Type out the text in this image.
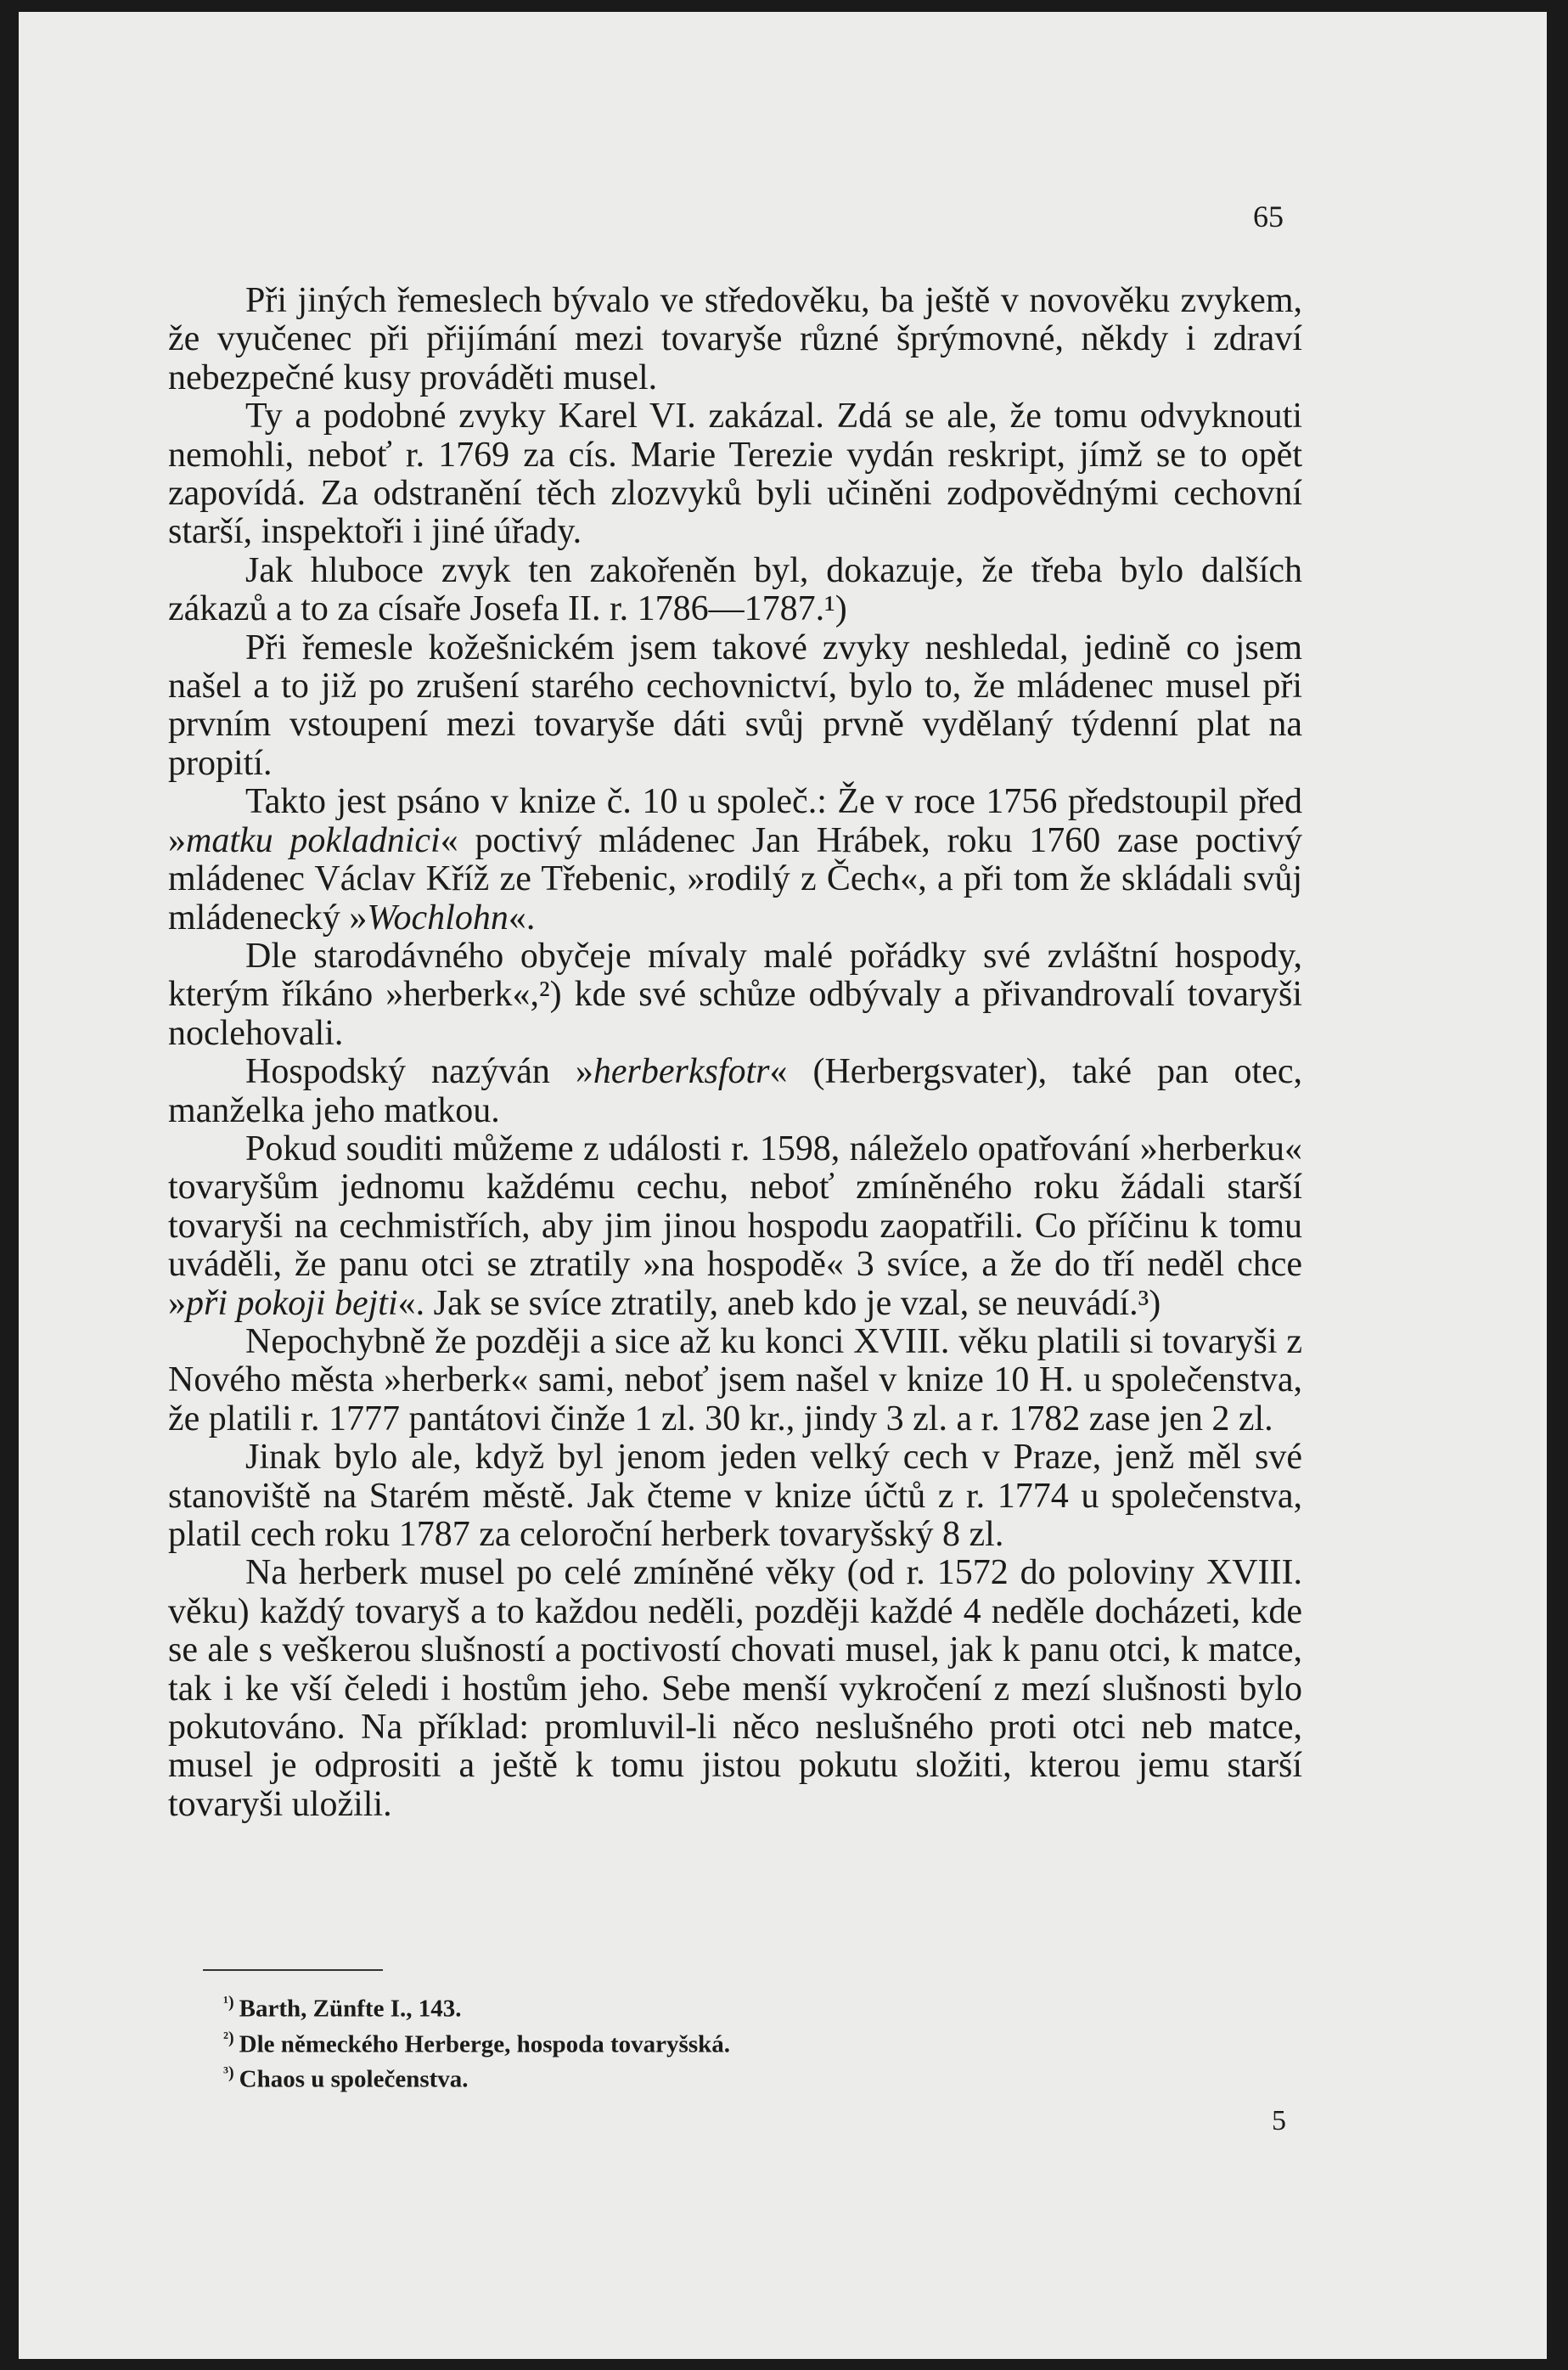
65

Při jiných řemeslech bývalo ve středověku, ba ještě v novověku zvykem, že vyučenec při přijímání mezi tovaryše různé šprýmovné, někdy i zdraví nebezpečné kusy prováděti musel.

Ty a podobné zvyky Karel VI. zakázal. Zdá se ale, že tomu odvyknouti nemohli, neboť r. 1769 za cís. Marie Terezie vydán reskript, jímž se to opět zapovídá. Za odstranění těch zlozvyků byli učiněni zodpovědnými cechovní starší, inspektoři i jiné úřady.

Jak hluboce zvyk ten zakořeněn byl, dokazuje, že třeba bylo dalších zákazů a to za císaře Josefa II. r. 1786—1787.¹)

Při řemesle kožešnickém jsem takové zvyky neshledal, jedině co jsem našel a to již po zrušení starého cechovnictví, bylo to, že mládenec musel při prvním vstoupení mezi tovaryše dáti svůj prvně vydělaný týdenní plat na propití.

Takto jest psáno v knize č. 10 u společ.: Že v roce 1756 předstoupil před »matku pokladnici« poctivý mládenec Jan Hrábek, roku 1760 zase poctivý mládenec Václav Kříž ze Třebenic, »rodilý z Čech«, a při tom že skládali svůj mládenecký »Wochlohn«.

Dle starodávného obyčeje mívaly malé pořádky své zvláštní hospody, kterým říkáno »herberk«,²) kde své schůze odbývaly a přivandrovalí tovaryši noclehovali.

Hospodský nazýván »herberksfotr« (Herbergsvater), také pan otec, manželka jeho matkou.

Pokud souditi můžeme z události r. 1598, náleželo opatřování »herberku« tovaryšům jednomu každému cechu, neboť zmíněného roku žádali starší tovaryši na cechmistřích, aby jim jinou hospodu zaopatřili. Co příčinu k tomu uváděli, že panu otci se ztratily »na hospodě« 3 svíce, a že do tří neděl chce »při pokoji bejti«. Jak se svíce ztratily, aneb kdo je vzal, se neuvádí.³)

Nepochybně že později a sice až ku konci XVIII. věku platili si tovaryši z Nového města »herberk« sami, neboť jsem našel v knize 10 H. u společenstva, že platili r. 1777 pantátovi činže 1 zl. 30 kr., jindy 3 zl. a r. 1782 zase jen 2 zl.

Jinak bylo ale, když byl jenom jeden velký cech v Praze, jenž měl své stanoviště na Starém městě. Jak čteme v knize účtů z r. 1774 u společenstva, platil cech roku 1787 za celoroční herberk tovaryšský 8 zl.

Na herberk musel po celé zmíněné věky (od r. 1572 do poloviny XVIII. věku) každý tovaryš a to každou neděli, později každé 4 neděle docházeti, kde se ale s veškerou slušností a poctivostí chovati musel, jak k panu otci, k matce, tak i ke vší čeledi i hostům jeho. Sebe menší vykročení z mezí slušnosti bylo pokutováno. Na příklad: promluvil-li něco neslušného proti otci neb matce, musel je odprositi a ještě k tomu jistou pokutu složiti, kterou jemu starší tovaryši uložili.

$^{^1)}$ Barth, Zünfte I., 143.
$^{^2)}$ Dle německého Herberge, hospoda tovaryšská.
$^{^3)}$ Chaos u společenstva.
5
